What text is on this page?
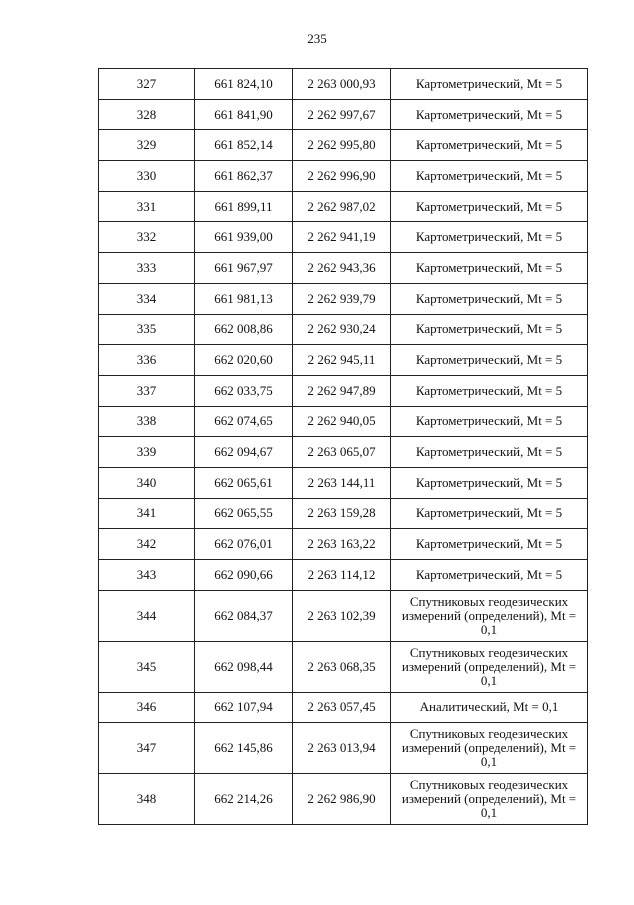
235
327	661 824,10	2 263 000,93	Картометрический, Mt = 5
328	661 841,90	2 262 997,67	Картометрический, Mt = 5
329	661 852,14	2 262 995,80	Картометрический, Mt = 5
330	661 862,37	2 262 996,90	Картометрический, Mt = 5
331	661 899,11	2 262 987,02	Картометрический, Mt = 5
332	661 939,00	2 262 941,19	Картометрический, Mt = 5
333	661 967,97	2 262 943,36	Картометрический, Mt = 5
334	661 981,13	2 262 939,79	Картометрический, Mt = 5
335	662 008,86	2 262 930,24	Картометрический, Mt = 5
336	662 020,60	2 262 945,11	Картометрический, Mt = 5
337	662 033,75	2 262 947,89	Картометрический, Mt = 5
338	662 074,65	2 262 940,05	Картометрический, Mt = 5
339	662 094,67	2 263 065,07	Картометрический, Mt = 5
340	662 065,61	2 263 144,11	Картометрический, Mt = 5
341	662 065,55	2 263 159,28	Картометрический, Mt = 5
342	662 076,01	2 263 163,22	Картометрический, Mt = 5
343	662 090,66	2 263 114,12	Картометрический, Mt = 5
344	662 084,37	2 263 102,39	Спутниковых геодезических измерений (определений), Mt = 0,1
345	662 098,44	2 263 068,35	Спутниковых геодезических измерений (определений), Mt = 0,1
346	662 107,94	2 263 057,45	Аналитический, Mt = 0,1
347	662 145,86	2 263 013,94	Спутниковых геодезических измерений (определений), Mt = 0,1
348	662 214,26	2 262 986,90	Спутниковых геодезических измерений (определений), Mt = 0,1
